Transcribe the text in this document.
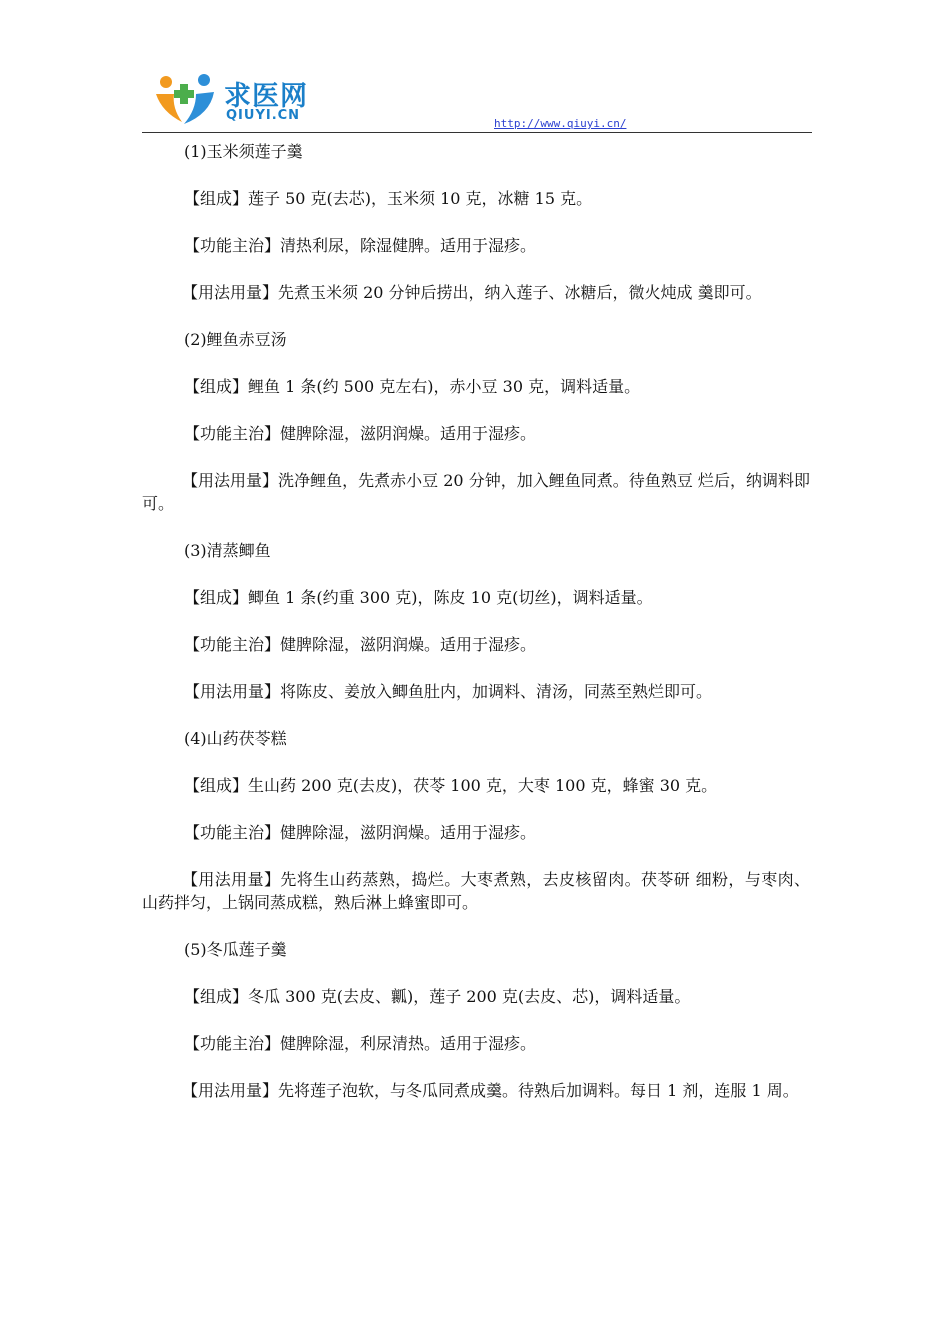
求医网
QIUYI.CN
http://www.qiuyi.cn/

(1)玉米须莲子羹

【组成】莲子 50 克(去芯)，玉米须 10 克，冰糖 15 克。

【功能主治】清热利尿，除湿健脾。适用于湿疹。

【用法用量】先煮玉米须 20 分钟后捞出，纳入莲子、冰糖后，微火炖成 羹即可。

(2)鲤鱼赤豆汤

【组成】鲤鱼 1 条(约 500 克左右)，赤小豆 30 克，调料适量。

【功能主治】健脾除湿，滋阴润燥。适用于湿疹。

【用法用量】洗净鲤鱼，先煮赤小豆 20 分钟，加入鲤鱼同煮。待鱼熟豆 烂后，纳调料即可。

(3)清蒸鲫鱼

【组成】鲫鱼 1 条(约重 300 克)，陈皮 10 克(切丝)，调料适量。

【功能主治】健脾除湿，滋阴润燥。适用于湿疹。

【用法用量】将陈皮、姜放入鲫鱼肚内，加调料、清汤，同蒸至熟烂即可。

(4)山药茯苓糕

【组成】生山药 200 克(去皮)，茯苓 100 克，大枣 100 克，蜂蜜 30 克。

【功能主治】健脾除湿，滋阴润燥。适用于湿疹。

【用法用量】先将生山药蒸熟，捣烂。大枣煮熟，去皮核留肉。茯苓研 细粉，与枣肉、山药拌匀，上锅同蒸成糕，熟后淋上蜂蜜即可。

(5)冬瓜莲子羹

【组成】冬瓜 300 克(去皮、瓤)，莲子 200 克(去皮、芯)，调料适量。

【功能主治】健脾除湿，利尿清热。适用于湿疹。

【用法用量】先将莲子泡软，与冬瓜同煮成羹。待熟后加调料。每日 1 剂，连服 1 周。
